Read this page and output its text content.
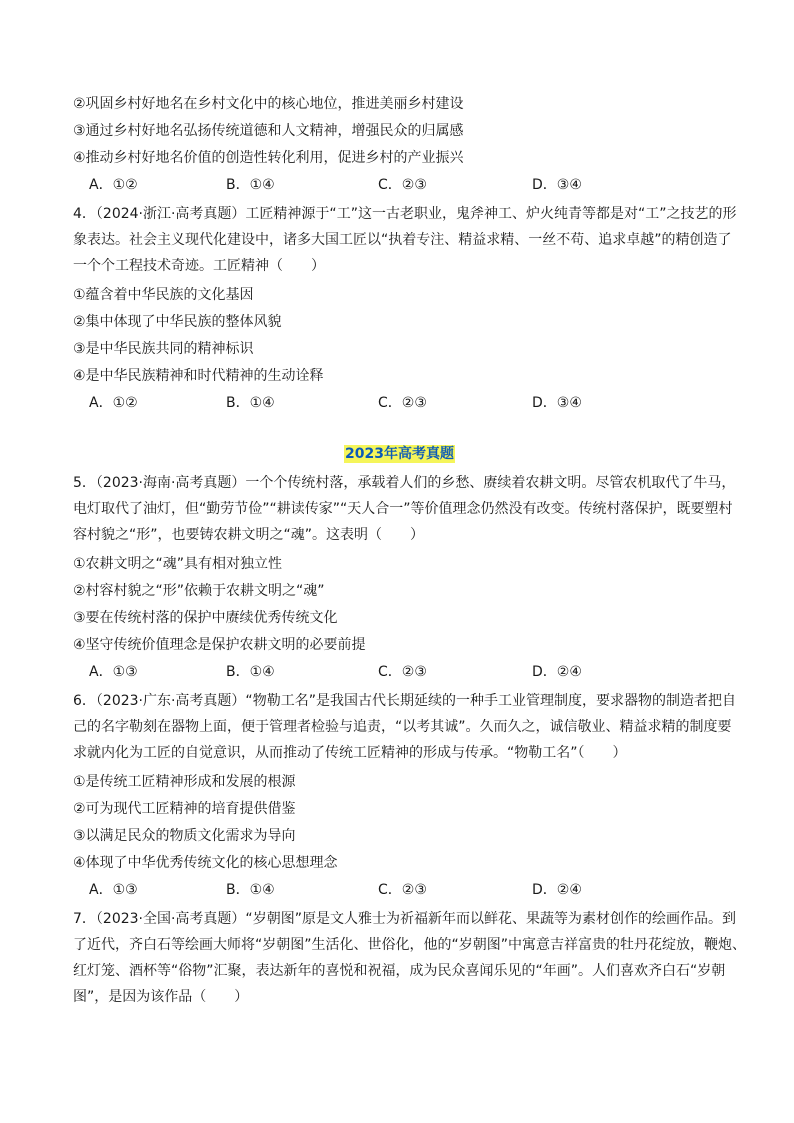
②巩固乡村好地名在乡村文化中的核心地位，推进美丽乡村建设
③通过乡村好地名弘扬传统道德和人文精神，增强民众的归属感
④推动乡村好地名价值的创造性转化利用，促进乡村的产业振兴
A．①②	B．①④	C．②③	D．③④
4．（2024·浙江·高考真题）工匠精神源于“工”这一古老职业，鬼斧神工、炉火纯青等都是对“工”之技艺的形
象表达。社会主义现代化建设中，诸多大国工匠以“执着专注、精益求精、一丝不苟、追求卓越”的精创造了
一个个工程技术奇迹。工匠精神（　　）
①蕴含着中华民族的文化基因
②集中体现了中华民族的整体风貌
③是中华民族共同的精神标识
④是中华民族精神和时代精神的生动诠释
A．①②	B．①④	C．②③	D．③④
2023年高考真题
5．（2023·海南·高考真题）一个个传统村落，承载着人们的乡愁、赓续着农耕文明。尽管农机取代了牛马，
电灯取代了油灯，但“勤劳节俭”“耕读传家”“天人合一”等价值理念仍然没有改变。传统村落保护，既要塑村
容村貌之“形”，也要铸农耕文明之“魂”。这表明（　　）
①农耕文明之“魂”具有相对独立性
②村容村貌之“形”依赖于农耕文明之“魂”
③要在传统村落的保护中赓续优秀传统文化
④坚守传统价值理念是保护农耕文明的必要前提
A．①③	B．①④	C．②③	D．②④
6．（2023·广东·高考真题）“物勒工名”是我国古代长期延续的一种手工业管理制度，要求器物的制造者把自
己的名字勒刻在器物上面，便于管理者检验与追责，“以考其诚”。久而久之，诚信敬业、精益求精的制度要
求就内化为工匠的自觉意识，从而推动了传统工匠精神的形成与传承。“物勒工名”（　　）
①是传统工匠精神形成和发展的根源
②可为现代工匠精神的培育提供借鉴
③以满足民众的物质文化需求为导向
④体现了中华优秀传统文化的核心思想理念
A．①③	B．①④	C．②③	D．②④
7．（2023·全国·高考真题）“岁朝图”原是文人雅士为祈福新年而以鲜花、果蔬等为素材创作的绘画作品。到
了近代，齐白石等绘画大师将“岁朝图”生活化、世俗化，他的“岁朝图”中寓意吉祥富贵的牡丹花绽放，鞭炮、
红灯笼、酒杯等“俗物”汇聚，表达新年的喜悦和祝福，成为民众喜闻乐见的“年画”。人们喜欢齐白石“岁朝
图”，是因为该作品（　　）
